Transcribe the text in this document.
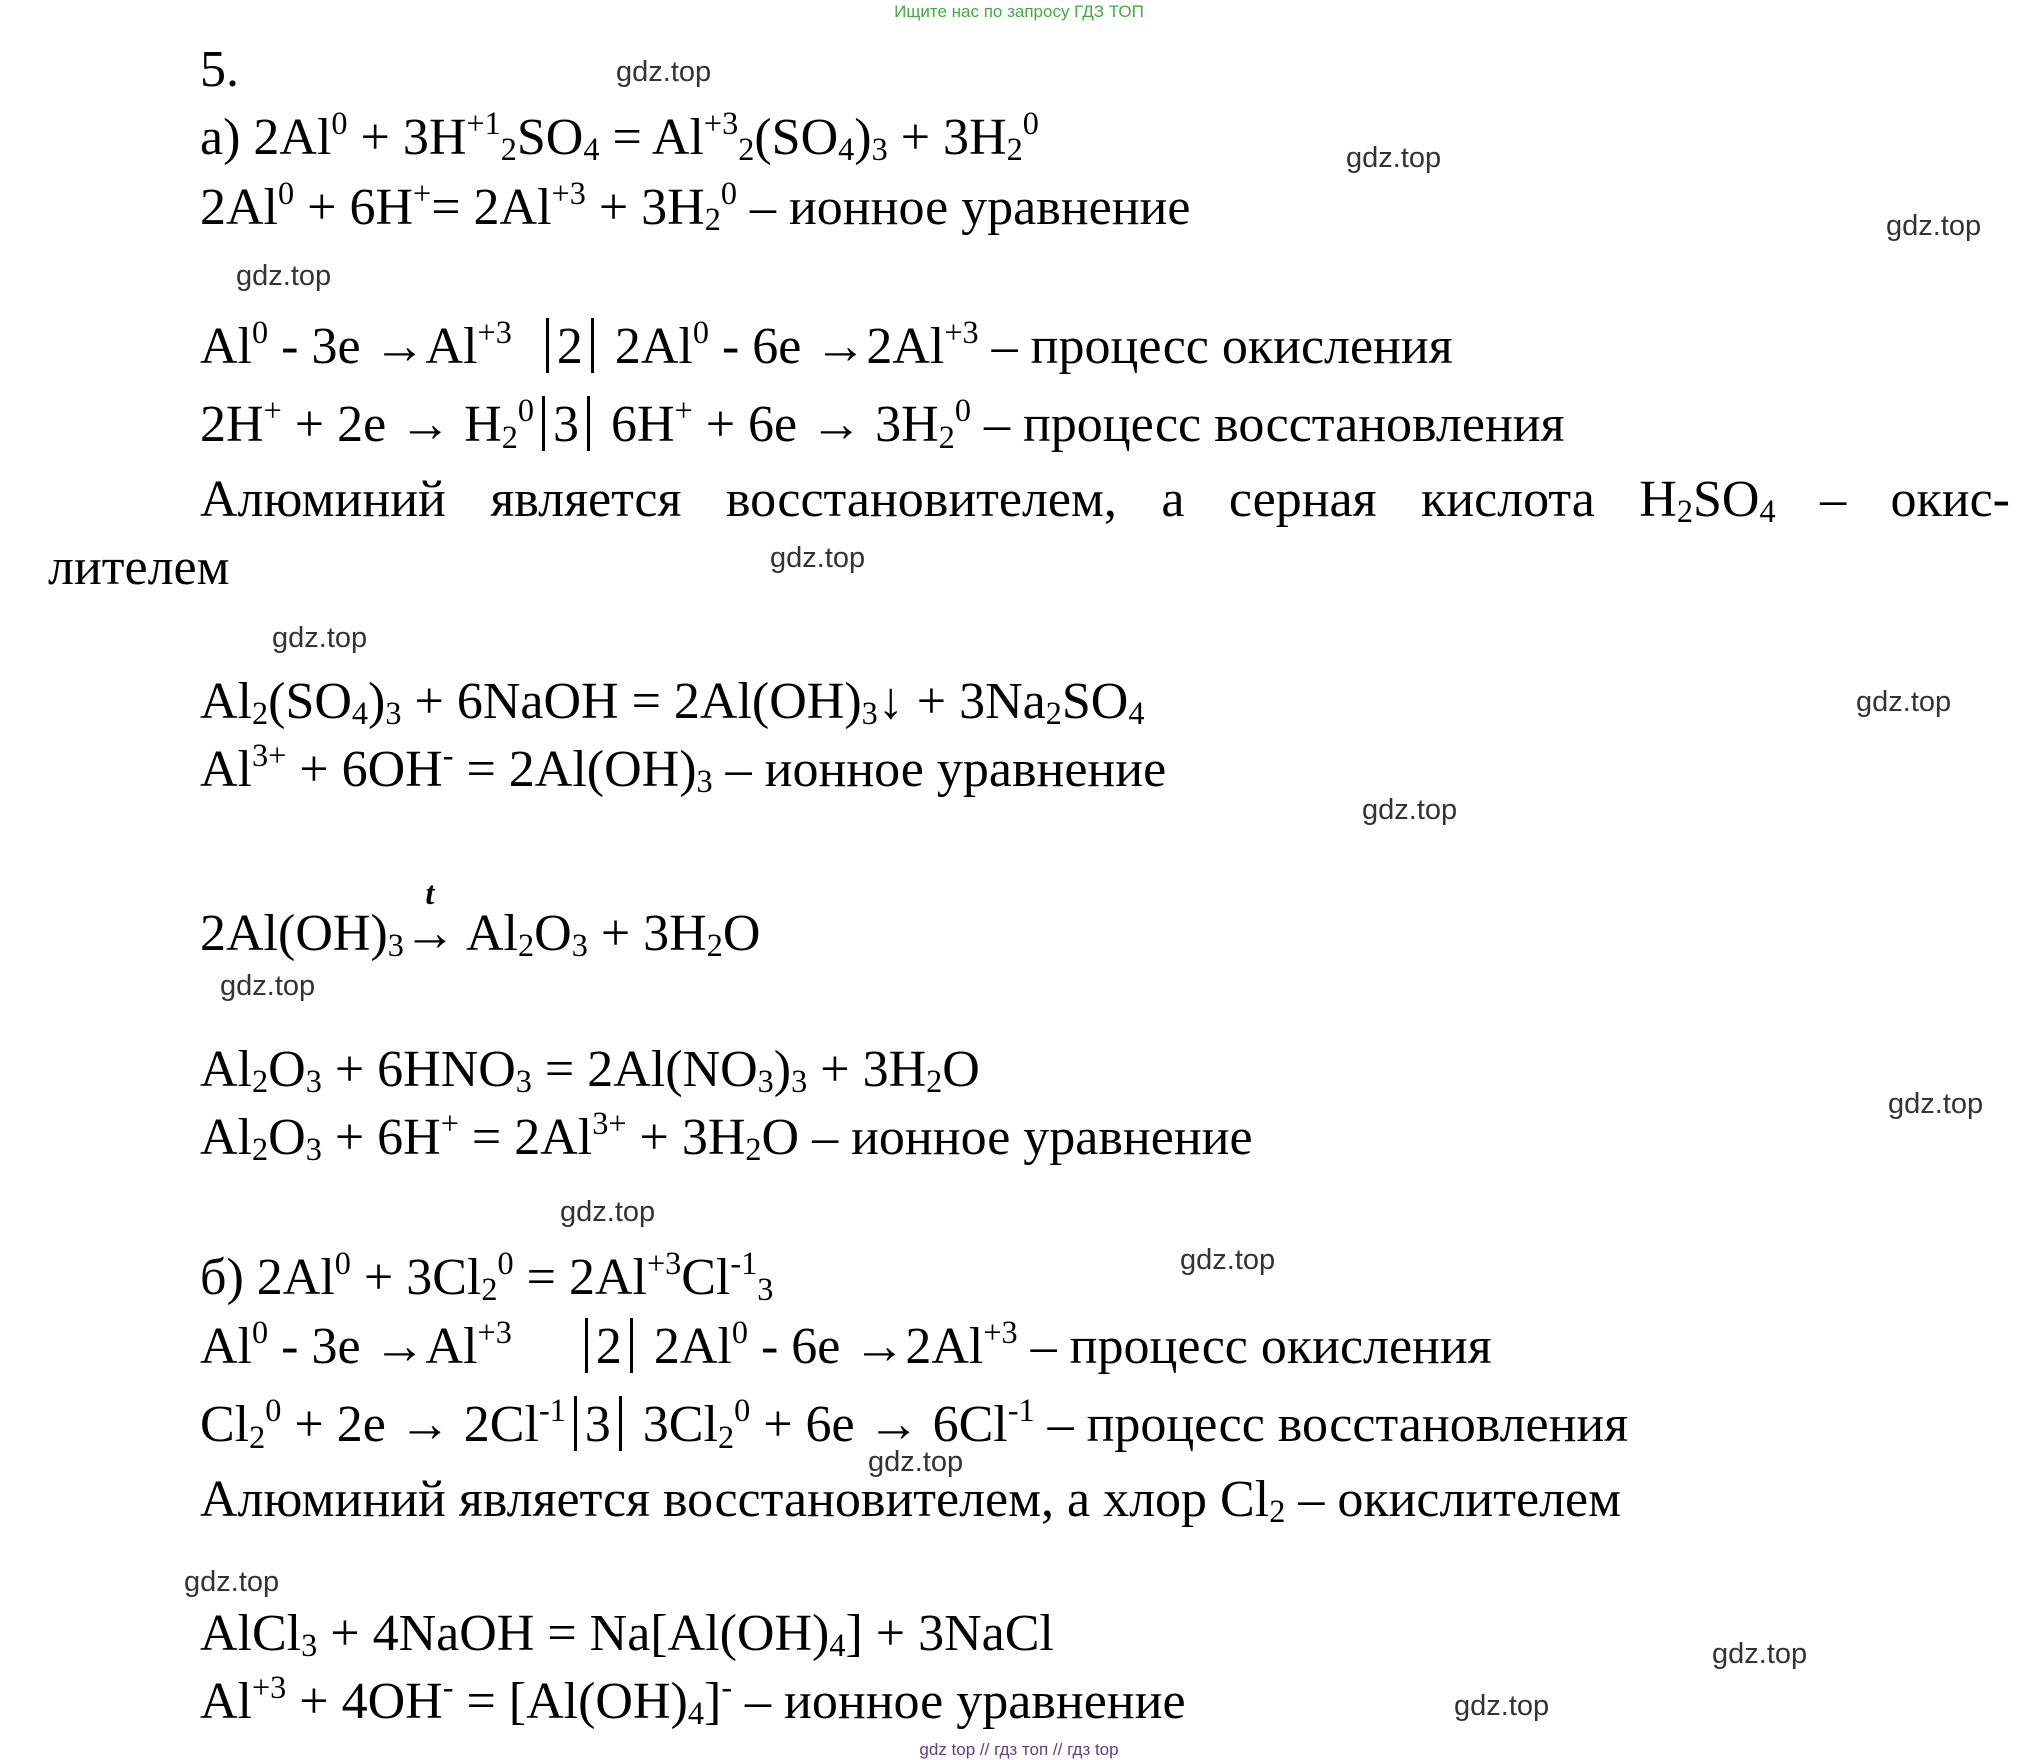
Ищите нас по запросу ГДЗ ТОП
5.
а) $2Al^0 + 3H^{+1}_2SO_4 = Al^{+3}_2(SO_4)_3 + 3H_2^0$
$2Al^0 + 6H^+= 2Al^{+3} + 3H_2^0$ – ионное уравнение
$Al^0 - 3e \to Al^{+3}$ 2 $2Al^0 - 6e \to 2Al^{+3}$ – процесс окисления
$2H^+ + 2e \to H_2^0$ 3 $6H^+ + 6e \to 3H_2^0$ – процесс восстановления
Алюминий является восстановителем, а серная кислота $H_2SO_4$ – окис-
лителем
$Al_2(SO_4)_3$ + 6NaOH = $2Al(OH)_3↓ + 3Na_2SO_4$
$Al^{3+} + 6OH^- = 2Al(OH)_3$ – ионное уравнение
$2Al(OH)_3$
t
→ $Al_2O_3 + 3H_2O$
$Al_2O_3 + 6HNO_3 = 2Al(NO_3)_3 + 3H_2O$
$Al_2O_3 + 6H^+ = 2Al^{3+} + 3H_2O$ – ионное уравнение
б) $2Al^0 + 3Cl_2^0 = 2Al^{+3}Cl^{-1}_3$
$Al^0 - 3e \to Al^{+3}$ 2 $2Al^0 - 6e \to 2Al^{+3}$ – процесс окисления
$Cl_2^0 + 2e \to 2Cl^{-1}$ 3 $3Cl_2^0 + 6e \to 6Cl^{-1}$ – процесс восстановления
Алюминий является восстановителем, а хлор $Cl_2$ – окислителем
AlCl$_3$ + 4NaOH = $Na[Al(OH)_4]$ + 3NaCl
$Al^{+3} + 4OH^- = [Al(OH)_4]^-$ – ионное уравнение
gdz.top
gdz.top
gdz.top
gdz.top
gdz.top
gdz.top
gdz.top
gdz.top
gdz.top
gdz.top
gdz.top
gdz.top
gdz.top
gdz.top
gdz.top
gdz.top
gdz top // гдз топ // гдз top
